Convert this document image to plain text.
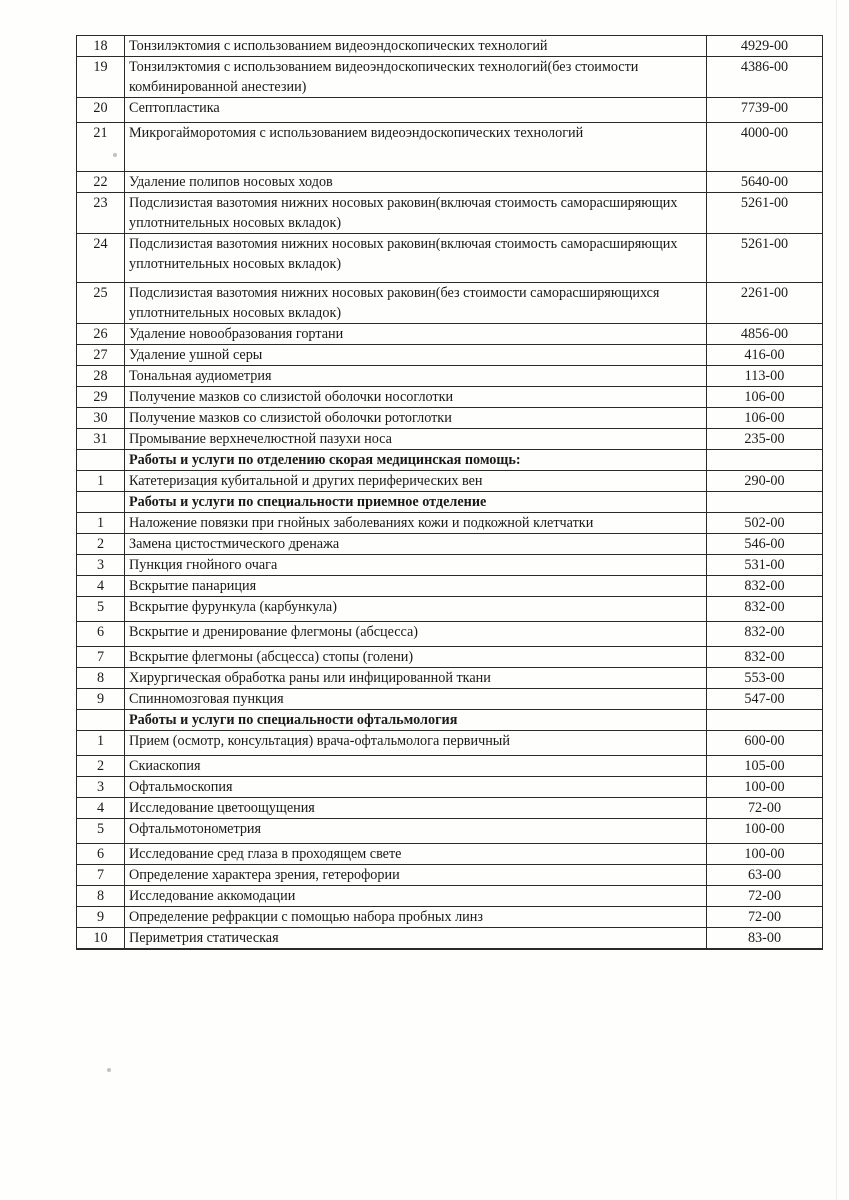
18	Тонзилэктомия с использованием видеоэндоскопических технологий	4929-00
19	Тонзилэктомия с использованием видеоэндоскопических технологий(без стоимости комбинированной анестезии)	4386-00
20	Септопластика	7739-00
21	Микрогайморотомия с использованием видеоэндоскопических технологий	4000-00
22	Удаление полипов носовых ходов	5640-00
23	Подслизистая вазотомия нижних носовых раковин(включая стоимость саморасширяющих уплотнительных носовых вкладок)	5261-00
24	Подслизистая вазотомия нижних носовых раковин(включая стоимость саморасширяющих уплотнительных носовых вкладок)	5261-00
25	Подслизистая вазотомия нижних носовых раковин(без стоимости саморасширяющихся уплотнительных носовых вкладок)	2261-00
26	Удаление новообразования гортани	4856-00
27	Удаление ушной серы	416-00
28	Тональная аудиометрия	113-00
29	Получение мазков со слизистой оболочки носоглотки	106-00
30	Получение мазков со слизистой оболочки ротоглотки	106-00
31	Промывание верхнечелюстной пазухи носа	235-00
	Работы и услуги по отделению скорая медицинская помощь:	
1	Катетеризация кубитальной и других периферических вен	290-00
	Работы и услуги по специальности приемное отделение	
1	Наложение повязки при гнойных заболеваниях кожи и подкожной клетчатки	502-00
2	Замена цистостмического дренажа	546-00
3	Пункция гнойного очага	531-00
4	Вскрытие панариция	832-00
5	Вскрытие фурункула (карбункула)	832-00
6	Вскрытие и дренирование флегмоны (абсцесса)	832-00
7	Вскрытие флегмоны (абсцесса) стопы (голени)	832-00
8	Хирургическая обработка раны или инфицированной ткани	553-00
9	Спинномозговая пункция	547-00
	Работы и услуги по специальности офтальмология	
1	Прием (осмотр, консультация) врача-офтальмолога первичный	600-00
2	Скиаскопия	105-00
3	Офтальмоскопия	100-00
4	Исследование цветоощущения	72-00
5	Офтальмотонометрия	100-00
6	Исследование сред глаза в проходящем свете	100-00
7	Определение характера зрения, гетерофории	63-00
8	Исследование аккомодации	72-00
9	Определение рефракции с помощью набора пробных линз	72-00
10	Периметрия статическая	83-00
